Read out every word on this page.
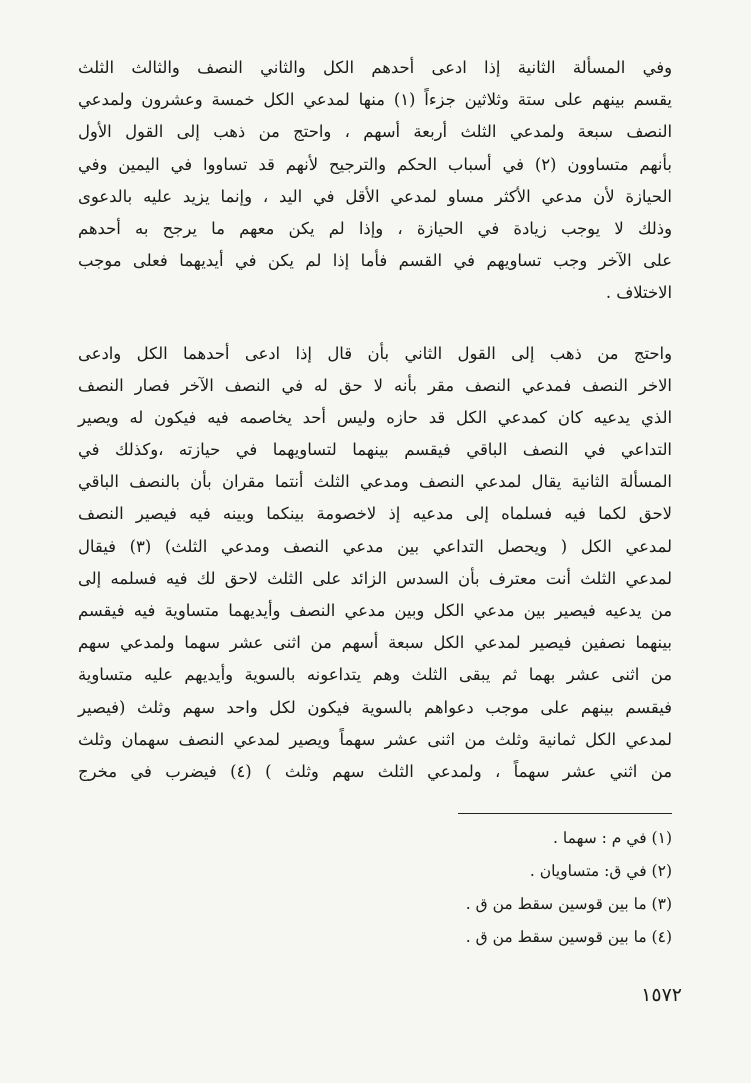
وفي المسألة الثانية إذا ادعى أحدهم الكل والثاني النصف والثالث الثلث
يقسم بينهم على ستة وثلاثين جزءاً (١) منها لمدعي الكل خمسة وعشرون ولمدعي
النصف سبعة ولمدعي الثلث أربعة أسهم ، واحتج من ذهب إلى القول الأول
بأنهم متساوون (٢) في أسباب الحكم والترجيح لأنهم قد تساووا في اليمين وفي
الحيازة لأن مدعي الأكثر مساو لمدعي الأقل في اليد ، وإنما يزيد عليه بالدعوى
وذلك لا يوجب زيادة في الحيازة ، وإذا لم يكن معهم ما يرجح به أحدهم
على الآخر وجب تساويهم في القسم فأما إذا لم يكن في أيديهما فعلى موجب
الاختلاف .
واحتج من ذهب إلى القول الثاني بأن قال إذا ادعى أحدهما الكل وادعى
الاخر النصف فمدعي النصف مقر بأنه لا حق له في النصف الآخر فصار النصف
الذي يدعيه كان كمدعي الكل قد حازه وليس أحد يخاصمه فيه فيكون له ويصير
التداعي في النصف الباقي فيقسم بينهما لتساويهما في حيازته ،وكذلك في
المسألة الثانية يقال لمدعي النصف ومدعي الثلث أنتما مقران بأن بالنصف الباقي
لاحق لكما فيه فسلماه إلى مدعيه إذ لاخصومة بينكما وبينه فيه فيصير النصف
لمدعي الكل ( ويحصل التداعي بين مدعي النصف ومدعي الثلث) (٣) فيقال
لمدعي الثلث أنت معترف بأن السدس الزائد على الثلث لاحق لك فيه فسلمه إلى
من يدعيه فيصير بين مدعي الكل وبين مدعي النصف وأيديهما متساوية فيه فيقسم
بينهما نصفين فيصير لمدعي الكل سبعة أسهم من اثنى عشر سهما ولمدعي سهم
من اثنى عشر بهما ثم يبقى الثلث وهم يتداعونه بالسوية وأيديهم عليه متساوية
فيقسم بينهم على موجب دعواهم بالسوية فيكون لكل واحد سهم وثلث (فيصير
لمدعي الكل ثمانية وثلث من اثنى عشر سهماً ويصير لمدعي النصف سهمان وثلث
من اثني عشر سهماً ، ولمدعي الثلث سهم وثلث ) (٤) فيضرب في مخرج
(١) في م : سهما .
(٢) في ق: متساويان .
(٣) ما بين قوسين سقط من ق .
(٤) ما بين قوسين سقط من ق .
١٥٧٢
